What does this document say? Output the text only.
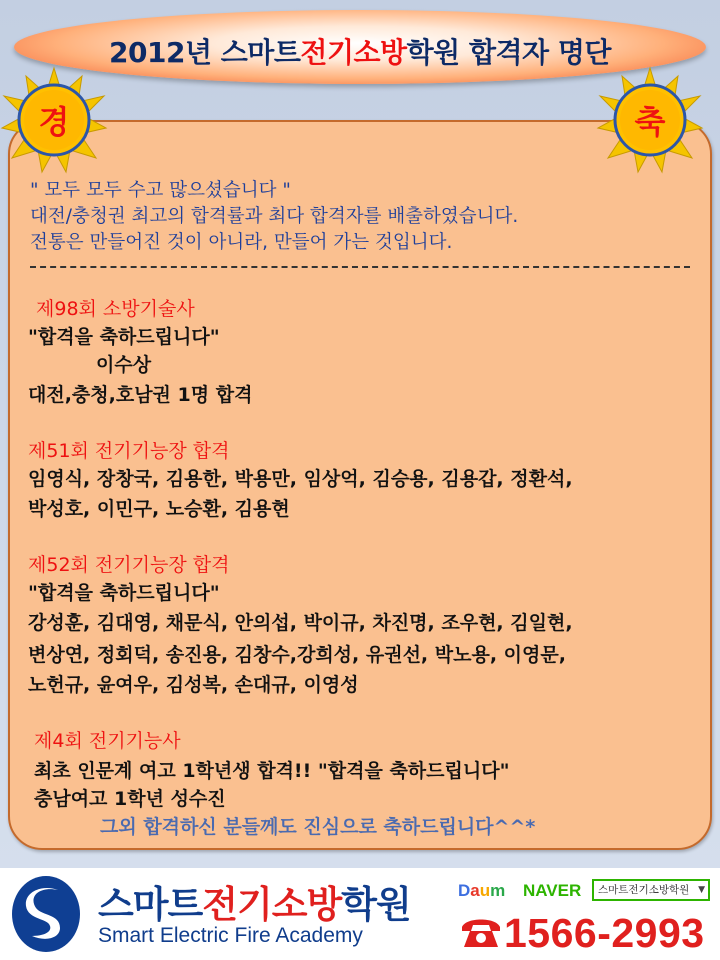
2012년 스마트전기소방학원 합격자 명단
경	축
" 모두 모두 수고 많으셨습니다 "
대전/충청권 최고의 합격률과 최다 합격자를 배출하였습니다.
전통은 만들어진 것이 아니라, 만들어 가는 것입니다.
제98회 소방기술사
"합격을 축하드립니다"
이수상
대전,충청,호남권 1명 합격
제51회 전기기능장 합격
임영식, 장창국, 김용한, 박용만, 임상억, 김승용, 김용갑, 정환석,
박성호, 이민구, 노승환, 김용현
제52회 전기기능장 합격
"합격을 축하드립니다"
강성훈, 김대영, 채문식, 안의섭, 박이규, 차진명, 조우현, 김일현,
변상연, 정회덕, 송진용, 김창수,강희성, 유권선, 박노용, 이영문,
노헌규, 윤여우, 김성복, 손대규, 이영성
제4회 전기기능사
최초 인문계 여고 1학년생 합격!! "합격을 축하드립니다"
충남여고 1학년 성수진
그외 합격하신 분들께도 진심으로 축하드립니다^^*
스마트전기소방학원
Smart Electric Fire Academy
Daum NAVER	스마트전기소방학원 ▼
1566-2993
